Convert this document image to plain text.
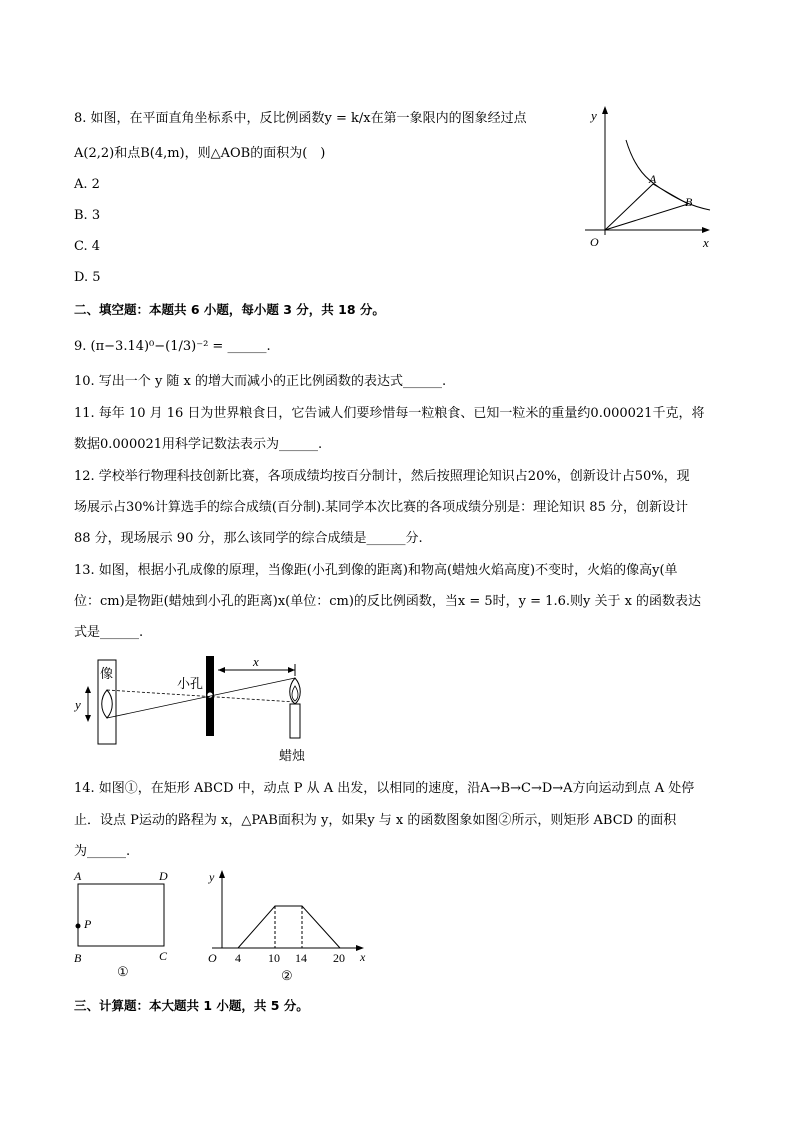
8. 如图，在平面直角坐标系中，反比例函数y = k/x在第一象限内的图象经过点
A(2,2)和点B(4,m)，则△AOB的面积为(　)
A. 2
B. 3
C. 4
D. 5
y
x
O
A
B
二、填空题：本题共 6 小题，每小题 3 分，共 18 分。
9. (π−3.14)⁰−(1/3)⁻² = ______.
10. 写出一个 y 随 x 的增大而减小的正比例函数的表达式______.
11. 每年 10 月 16 日为世界粮食日，它告诫人们要珍惜每一粒粮食、已知一粒米的重量约0.000021千克，将
数据0.000021用科学记数法表示为______.
12. 学校举行物理科技创新比赛，各项成绩均按百分制计，然后按照理论知识占20%，创新设计占50%，现
场展示占30%计算选手的综合成绩(百分制).某同学本次比赛的各项成绩分别是：理论知识 85 分，创新设计
88 分，现场展示 90 分，那么该同学的综合成绩是______分.
13. 如图，根据小孔成像的原理，当像距(小孔到像的距离)和物高(蜡烛火焰高度)不变时，火焰的像高y(单
位：cm)是物距(蜡烛到小孔的距离)x(单位：cm)的反比例函数，当x = 5时，y = 1.6.则y 关于 x 的函数表达
式是______.
像
y
小孔
x
蜡烛
14. 如图①，在矩形 ABCD 中，动点 P 从 A 出发，以相同的速度，沿A→B→C→D→A方向运动到点 A 处停
止．设点 P运动的路程为 x，△PAB面积为 y，如果y 与 x 的函数图象如图②所示，则矩形 ABCD 的面积
为______.
A	D
B	C
P
①
y
x
O 4 10 14 20
②
三、计算题：本大题共 1 小题，共 5 分。
